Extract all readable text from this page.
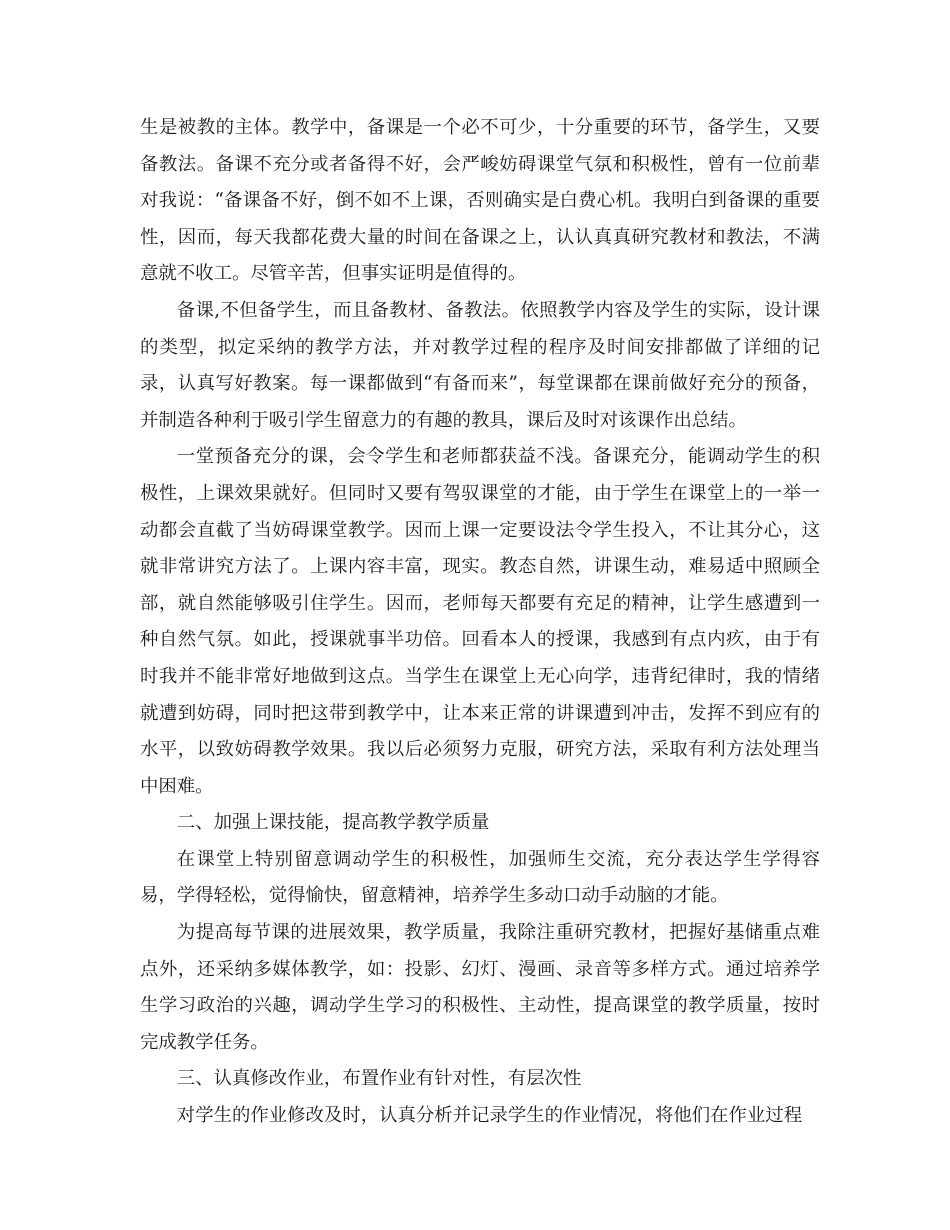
生是被教的主体。教学中，备课是一个必不可少，十分重要的环节，备学生，又要备教法。备课不充分或者备得不好，会严峻妨碍课堂气氛和积极性，曾有一位前辈对我说：“备课备不好，倒不如不上课，否则确实是白费心机。我明白到备课的重要性，因而，每天我都花费大量的时间在备课之上，认认真真研究教材和教法，不满意就不收工。尽管辛苦，但事实证明是值得的。

备课,不但备学生，而且备教材、备教法。依照教学内容及学生的实际，设计课的类型，拟定采纳的教学方法，并对教学过程的程序及时间安排都做了详细的记录，认真写好教案。每一课都做到“有备而来”，每堂课都在课前做好充分的预备，并制造各种利于吸引学生留意力的有趣的教具，课后及时对该课作出总结。

一堂预备充分的课，会令学生和老师都获益不浅。备课充分，能调动学生的积极性，上课效果就好。但同时又要有驾驭课堂的才能，由于学生在课堂上的一举一动都会直截了当妨碍课堂教学。因而上课一定要设法令学生投入，不让其分心，这就非常讲究方法了。上课内容丰富，现实。教态自然，讲课生动，难易适中照顾全部，就自然能够吸引住学生。因而，老师每天都要有充足的精神，让学生感遭到一种自然气氛。如此，授课就事半功倍。回看本人的授课，我感到有点内疚，由于有时我并不能非常好地做到这点。当学生在课堂上无心向学，违背纪律时，我的情绪就遭到妨碍，同时把这带到教学中，让本来正常的讲课遭到冲击，发挥不到应有的水平，以致妨碍教学效果。我以后必须努力克服，研究方法，采取有利方法处理当中困难。

二、加强上课技能，提高教学教学质量

在课堂上特别留意调动学生的积极性，加强师生交流，充分表达学生学得容易，学得轻松，觉得愉快，留意精神，培养学生多动口动手动脑的才能。

为提高每节课的进展效果，教学质量，我除注重研究教材，把握好基储重点难点外，还采纳多媒体教学，如：投影、幻灯、漫画、录音等多样方式。通过培养学生学习政治的兴趣，调动学生学习的积极性、主动性，提高课堂的教学质量，按时完成教学任务。

三、认真修改作业，布置作业有针对性，有层次性

对学生的作业修改及时，认真分析并记录学生的作业情况，将他们在作业过程
